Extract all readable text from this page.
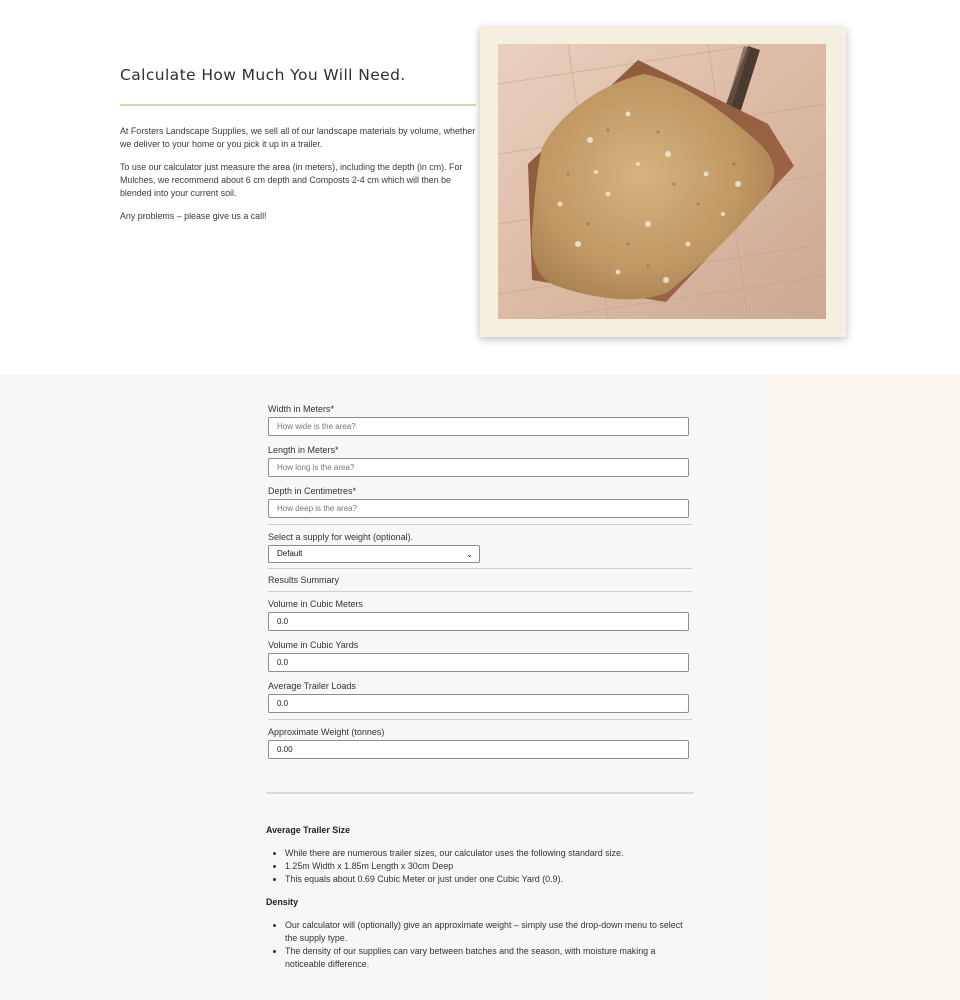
Calculate How Much You Will Need.

At Forsters Landscape Supplies, we sell all of our landscape materials by volume, whether we deliver to your home or you pick it up in a trailer.

To use our calculator just measure the area (in meters), including the depth (in cm). For Mulches, we recommend about 6 cm depth and Composts 2-4 cm which will then be blended into your current soil.

Any problems – please give us a call!

Width in Meters*
How wide is the area?
Length in Meters*
How long is the area?
Depth in Centimetres*
How deep is the area?
Select a supply for weight (optional).
Default	⌄
Results Summary
Volume in Cubic Meters
0.0
Volume in Cubic Yards
0.0
Average Trailer Loads
0.0
Approximate Weight (tonnes)
0.00
Average Trailer Size
• While there are numerous trailer sizes, our calculator uses the following standard size.
• 1.25m Width x 1.85m Length x 30cm Deep
• This equals about 0.69 Cubic Meter or just under one Cubic Yard (0.9).
Density
• Our calculator will (optionally) give an approximate weight – simply use the drop-down menu to select the supply type.
• The density of our supplies can vary between batches and the season, with moisture making a noticeable difference.
